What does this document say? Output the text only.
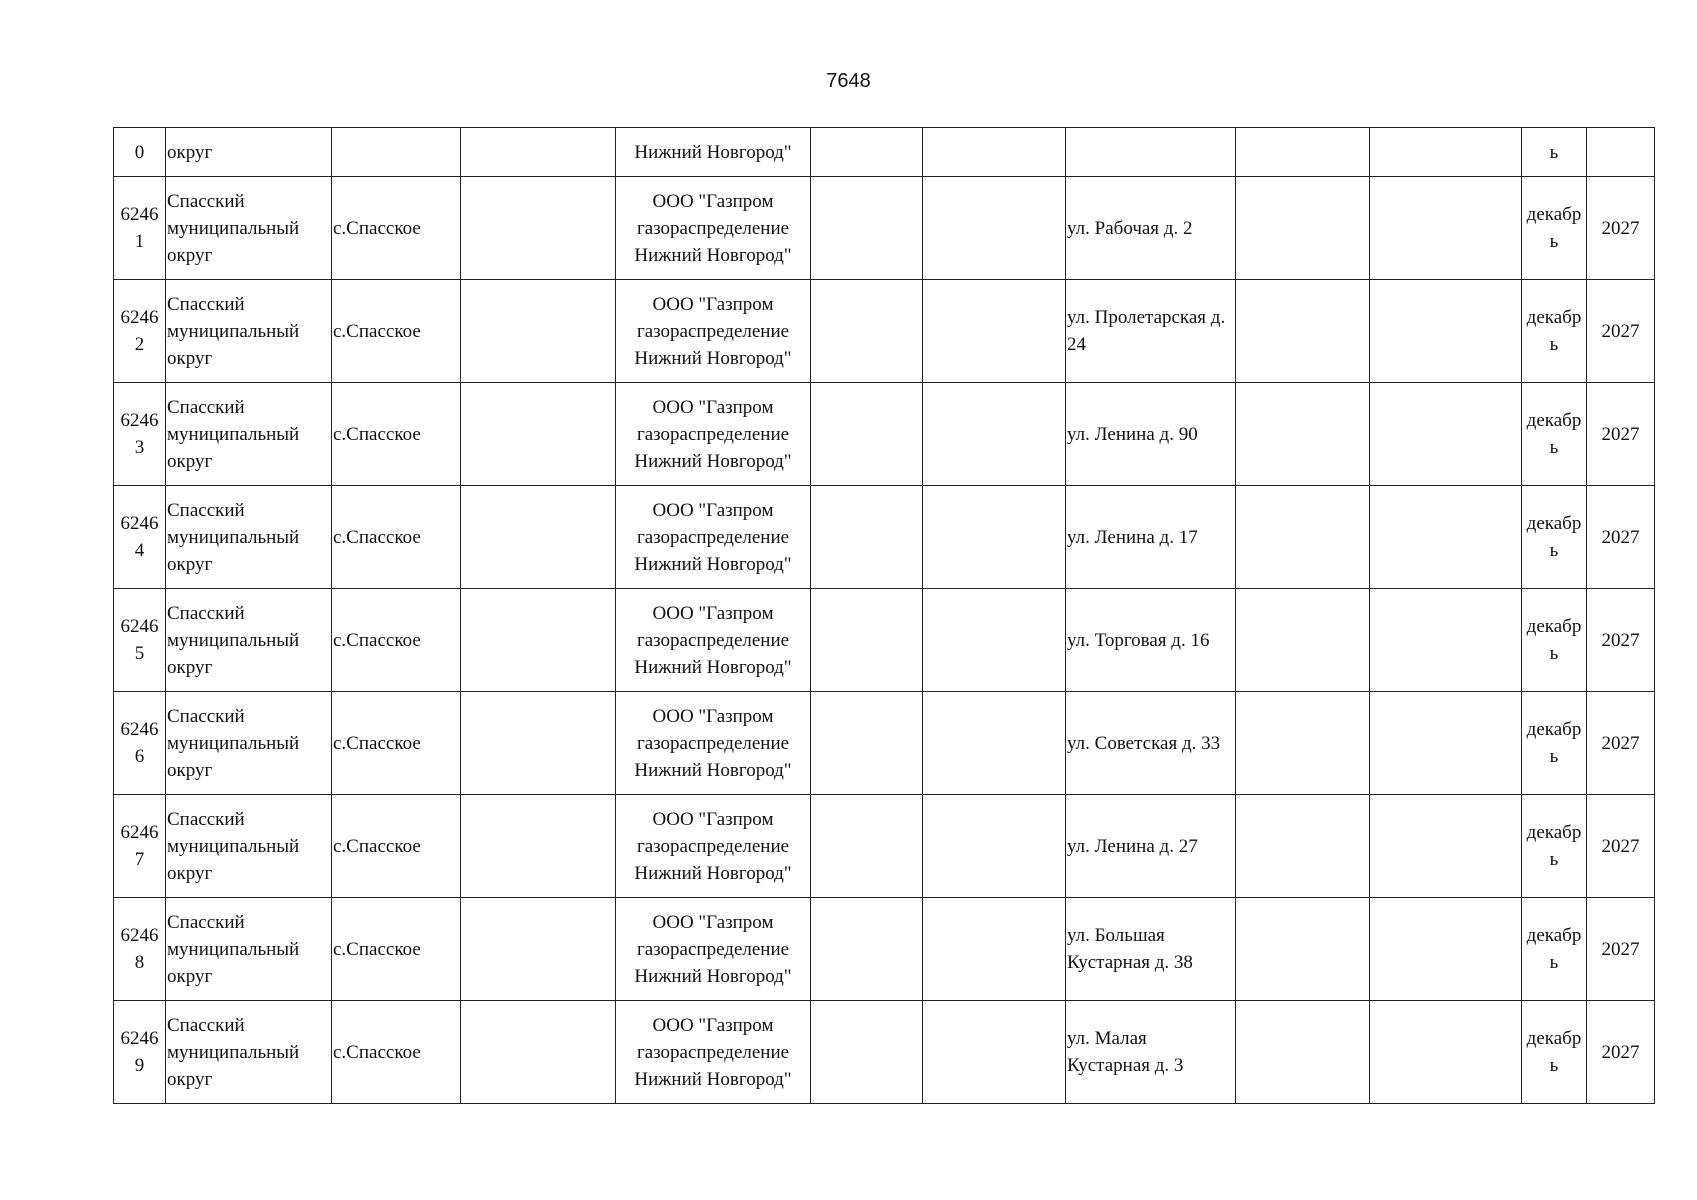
7648
0	округ			Нижний Новгород"						ь	
6246 1	Спасский муниципальный округ	с.Спасское		ООО "Газпром газораспределение Нижний Новгород"			ул. Рабочая д. 2			декабр ь	2027
6246 2	Спасский муниципальный округ	с.Спасское		ООО "Газпром газораспределение Нижний Новгород"			ул. Пролетарская д. 24			декабр ь	2027
6246 3	Спасский муниципальный округ	с.Спасское		ООО "Газпром газораспределение Нижний Новгород"			ул. Ленина д. 90			декабр ь	2027
6246 4	Спасский муниципальный округ	с.Спасское		ООО "Газпром газораспределение Нижний Новгород"			ул. Ленина д. 17			декабр ь	2027
6246 5	Спасский муниципальный округ	с.Спасское		ООО "Газпром газораспределение Нижний Новгород"			ул. Торговая д. 16			декабр ь	2027
6246 6	Спасский муниципальный округ	с.Спасское		ООО "Газпром газораспределение Нижний Новгород"			ул. Советская д. 33			декабр ь	2027
6246 7	Спасский муниципальный округ	с.Спасское		ООО "Газпром газораспределение Нижний Новгород"			ул. Ленина д. 27			декабр ь	2027
6246 8	Спасский муниципальный округ	с.Спасское		ООО "Газпром газораспределение Нижний Новгород"			ул. Большая Кустарная д. 38			декабр ь	2027
6246 9	Спасский муниципальный округ	с.Спасское		ООО "Газпром газораспределение Нижний Новгород"			ул. Малая Кустарная д. 3			декабр ь	2027
